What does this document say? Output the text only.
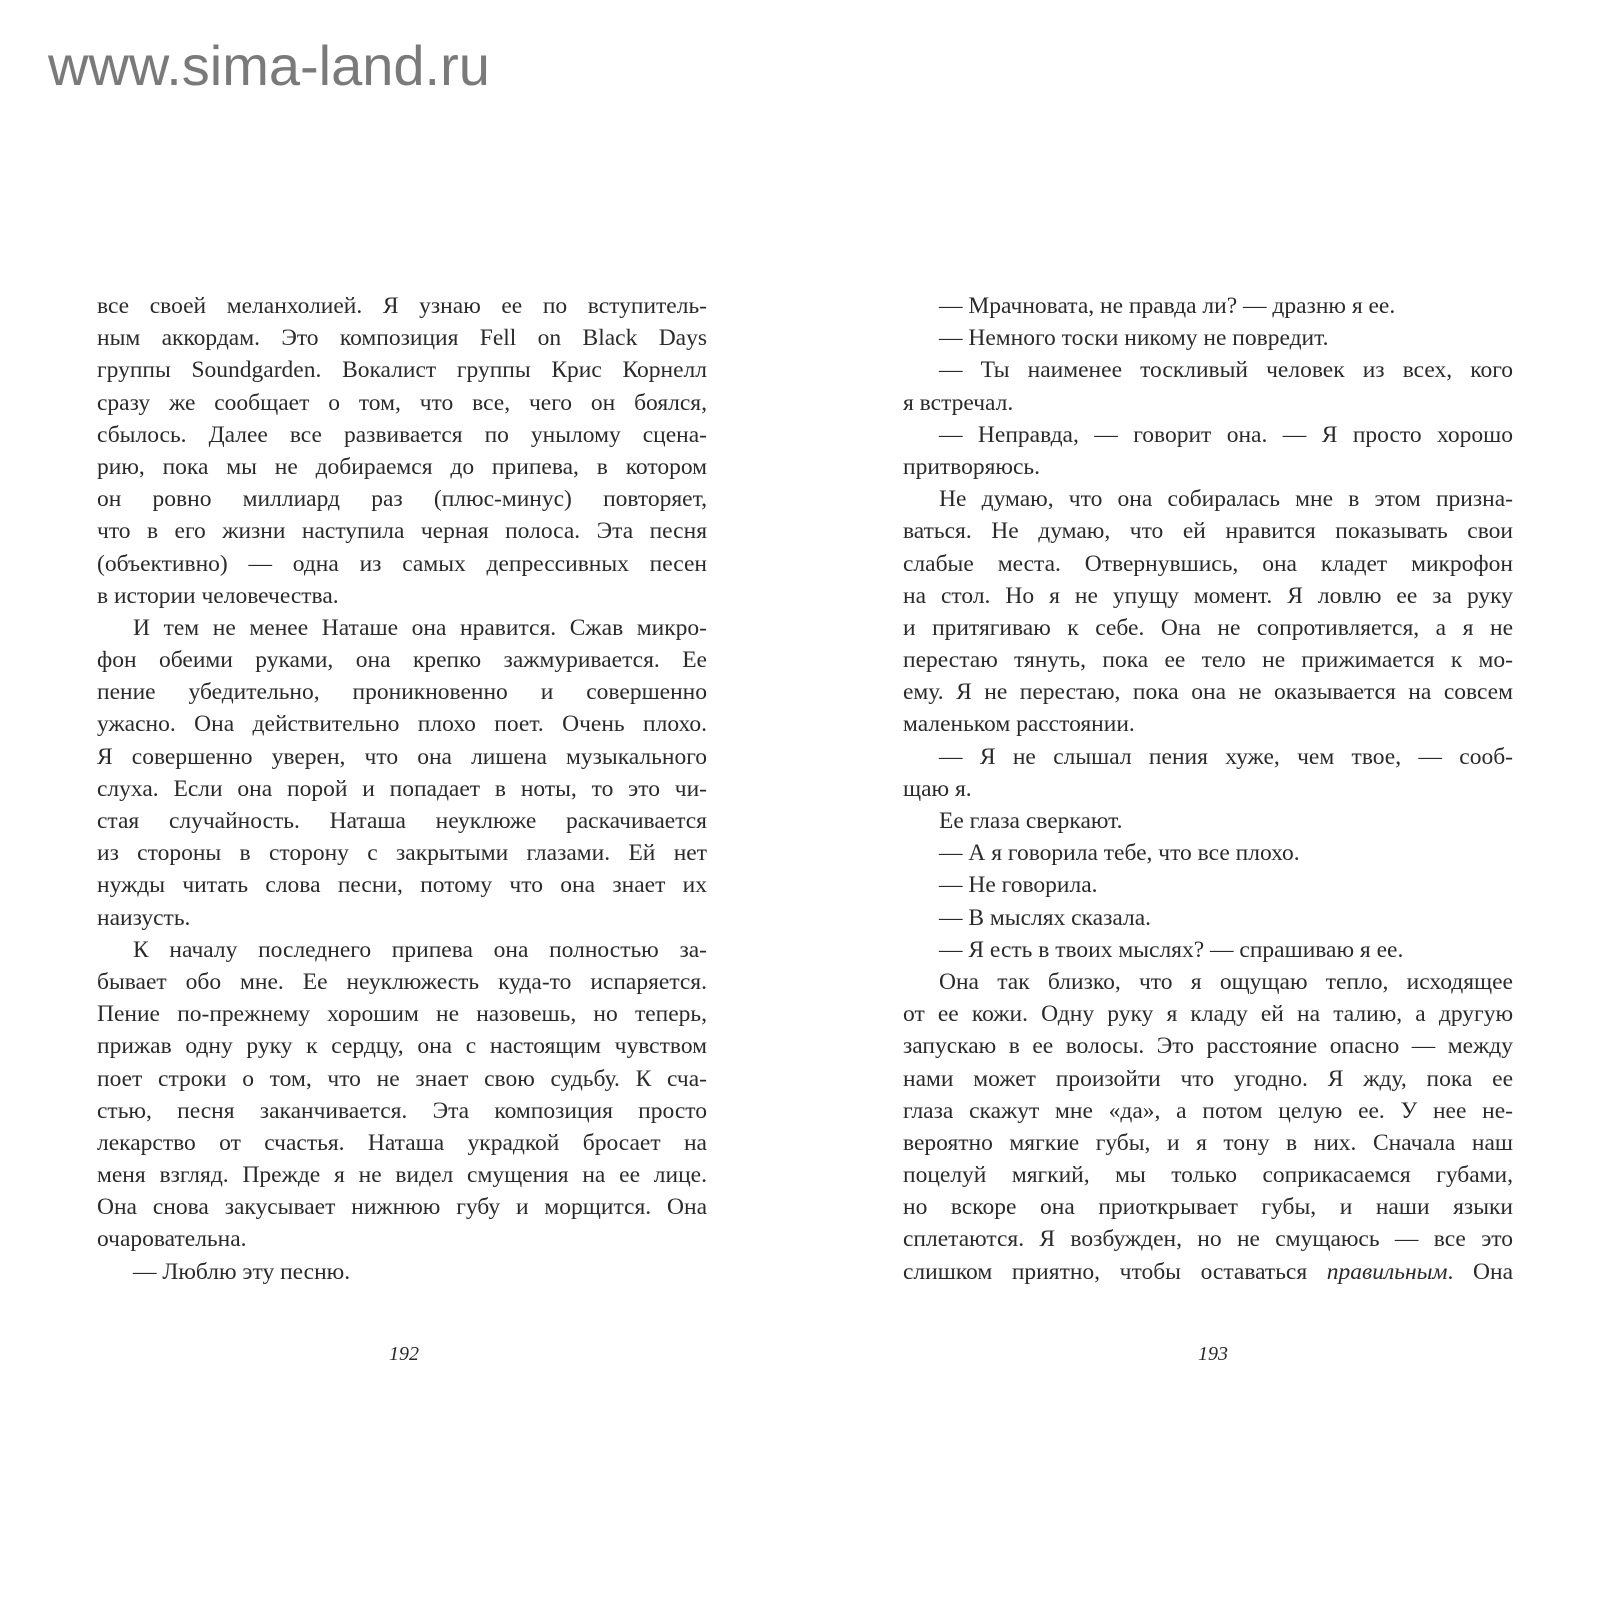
www.sima-land.ru
все своей меланхолией. Я узнаю ее по вступитель-
ным аккордам. Это композиция Fell on Black Days
группы Soundgarden. Вокалист группы Крис Корнелл
сразу же сообщает о том, что все, чего он боялся,
сбылось. Далее все развивается по унылому сцена-
рию, пока мы не добираемся до припева, в котором
он ровно миллиард раз (плюс-минус) повторяет,
что в его жизни наступила черная полоса. Эта песня
(объективно) — одна из самых депрессивных песен
в истории человечества.
И тем не менее Наташе она нравится. Сжав микро-
фон обеими руками, она крепко зажмуривается. Ее
пение убедительно, проникновенно и совершенно
ужасно. Она действительно плохо поет. Очень плохо.
Я совершенно уверен, что она лишена музыкального
слуха. Если она порой и попадает в ноты, то это чи-
стая случайность. Наташа неуклюже раскачивается
из стороны в сторону с закрытыми глазами. Ей нет
нужды читать слова песни, потому что она знает их
наизусть.
К началу последнего припева она полностью за-
бывает обо мне. Ее неуклюжесть куда-то испаряется.
Пение по-прежнему хорошим не назовешь, но теперь,
прижав одну руку к сердцу, она с настоящим чувством
поет строки о том, что не знает свою судьбу. К сча-
стью, песня заканчивается. Эта композиция просто
лекарство от счастья. Наташа украдкой бросает на
меня взгляд. Прежде я не видел смущения на ее лице.
Она снова закусывает нижнюю губу и морщится. Она
очаровательна.
— Люблю эту песню.
— Мрачновата, не правда ли? — дразню я ее.
— Немного тоски никому не повредит.
— Ты наименее тоскливый человек из всех, кого
я встречал.
— Неправда, — говорит она. — Я просто хорошо
притворяюсь.
Не думаю, что она собиралась мне в этом призна-
ваться. Не думаю, что ей нравится показывать свои
слабые места. Отвернувшись, она кладет микрофон
на стол. Но я не упущу момент. Я ловлю ее за руку
и притягиваю к себе. Она не сопротивляется, а я не
перестаю тянуть, пока ее тело не прижимается к мо-
ему. Я не перестаю, пока она не оказывается на совсем
маленьком расстоянии.
— Я не слышал пения хуже, чем твое, — сооб-
щаю я.
Ее глаза сверкают.
— А я говорила тебе, что все плохо.
— Не говорила.
— В мыслях сказала.
— Я есть в твоих мыслях? — спрашиваю я ее.
Она так близко, что я ощущаю тепло, исходящее
от ее кожи. Одну руку я кладу ей на талию, а другую
запускаю в ее волосы. Это расстояние опасно — между
нами может произойти что угодно. Я жду, пока ее
глаза скажут мне «да», а потом целую ее. У нее не-
вероятно мягкие губы, и я тону в них. Сначала наш
поцелуй мягкий, мы только соприкасаемся губами,
но вскоре она приоткрывает губы, и наши языки
сплетаются. Я возбужден, но не смущаюсь — все это
слишком приятно, чтобы оставаться правильным. Она
192	193
